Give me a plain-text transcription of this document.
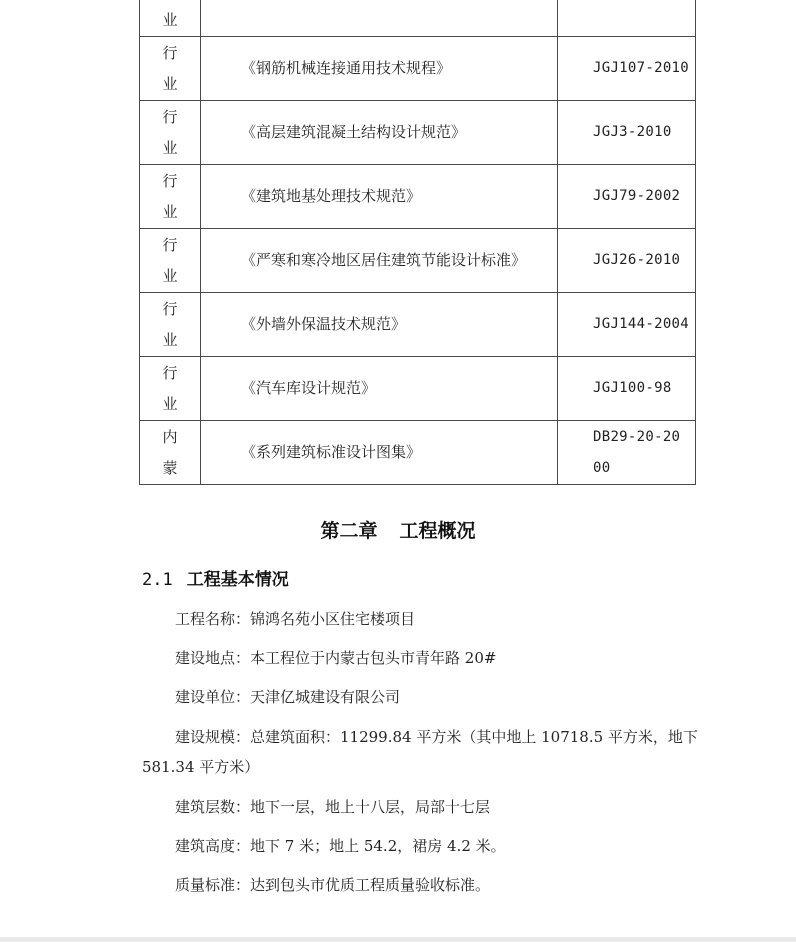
业		

行业	《钢筋机械连接通用技术规程》	JGJ107-2010

行业	《高层建筑混凝土结构设计规范》	JGJ3-2010

行业	《建筑地基处理技术规范》	JGJ79-2002

行业	《严寒和寒冷地区居住建筑节能设计标准》	JGJ26-2010

行业	《外墙外保温技术规范》	JGJ144-2004

行业	《汽车库设计规范》	JGJ100-98

内蒙	《系列建筑标准设计图集》	DB29-20-2000
第二章 工程概况
2.1 工程基本情况
工程名称：锦鸿名苑小区住宅楼项目
建设地点：本工程位于内蒙古包头市青年路 20#
建设单位：天津亿城建设有限公司
建设规模：总建筑面积：11299.84 平方米（其中地上 10718.5 平方米，地下 581.34 平方米）
建筑层数：地下一层，地上十八层，局部十七层
建筑高度：地下 7 米；地上 54.2，裙房 4.2 米。
质量标准：达到包头市优质工程质量验收标准。
